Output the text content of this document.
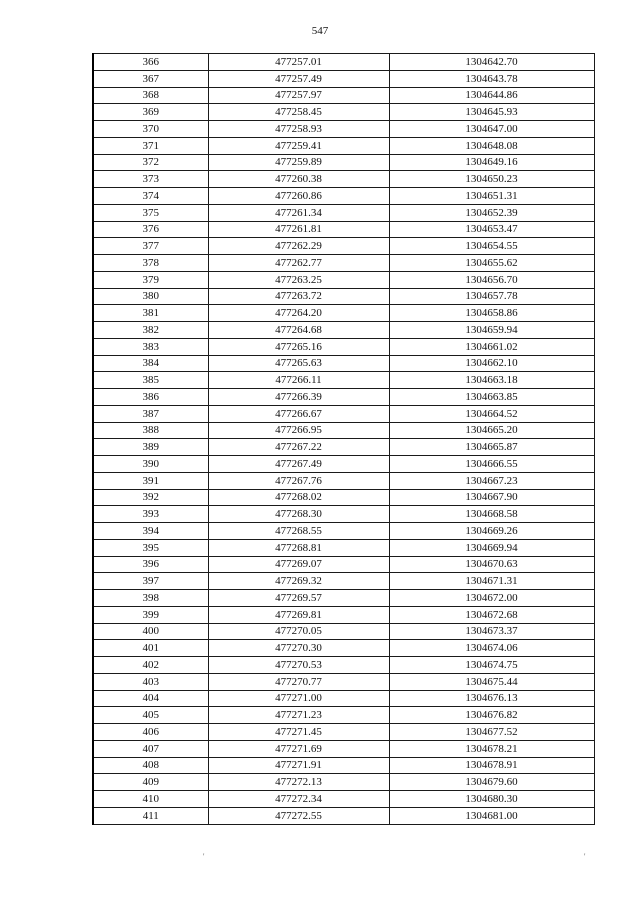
547
366	477257.01	1304642.70
367	477257.49	1304643.78
368	477257.97	1304644.86
369	477258.45	1304645.93
370	477258.93	1304647.00
371	477259.41	1304648.08
372	477259.89	1304649.16
373	477260.38	1304650.23
374	477260.86	1304651.31
375	477261.34	1304652.39
376	477261.81	1304653.47
377	477262.29	1304654.55
378	477262.77	1304655.62
379	477263.25	1304656.70
380	477263.72	1304657.78
381	477264.20	1304658.86
382	477264.68	1304659.94
383	477265.16	1304661.02
384	477265.63	1304662.10
385	477266.11	1304663.18
386	477266.39	1304663.85
387	477266.67	1304664.52
388	477266.95	1304665.20
389	477267.22	1304665.87
390	477267.49	1304666.55
391	477267.76	1304667.23
392	477268.02	1304667.90
393	477268.30	1304668.58
394	477268.55	1304669.26
395	477268.81	1304669.94
396	477269.07	1304670.63
397	477269.32	1304671.31
398	477269.57	1304672.00
399	477269.81	1304672.68
400	477270.05	1304673.37
401	477270.30	1304674.06
402	477270.53	1304674.75
403	477270.77	1304675.44
404	477271.00	1304676.13
405	477271.23	1304676.82
406	477271.45	1304677.52
407	477271.69	1304678.21
408	477271.91	1304678.91
409	477272.13	1304679.60
410	477272.34	1304680.30
411	477272.55	1304681.00
'	'
